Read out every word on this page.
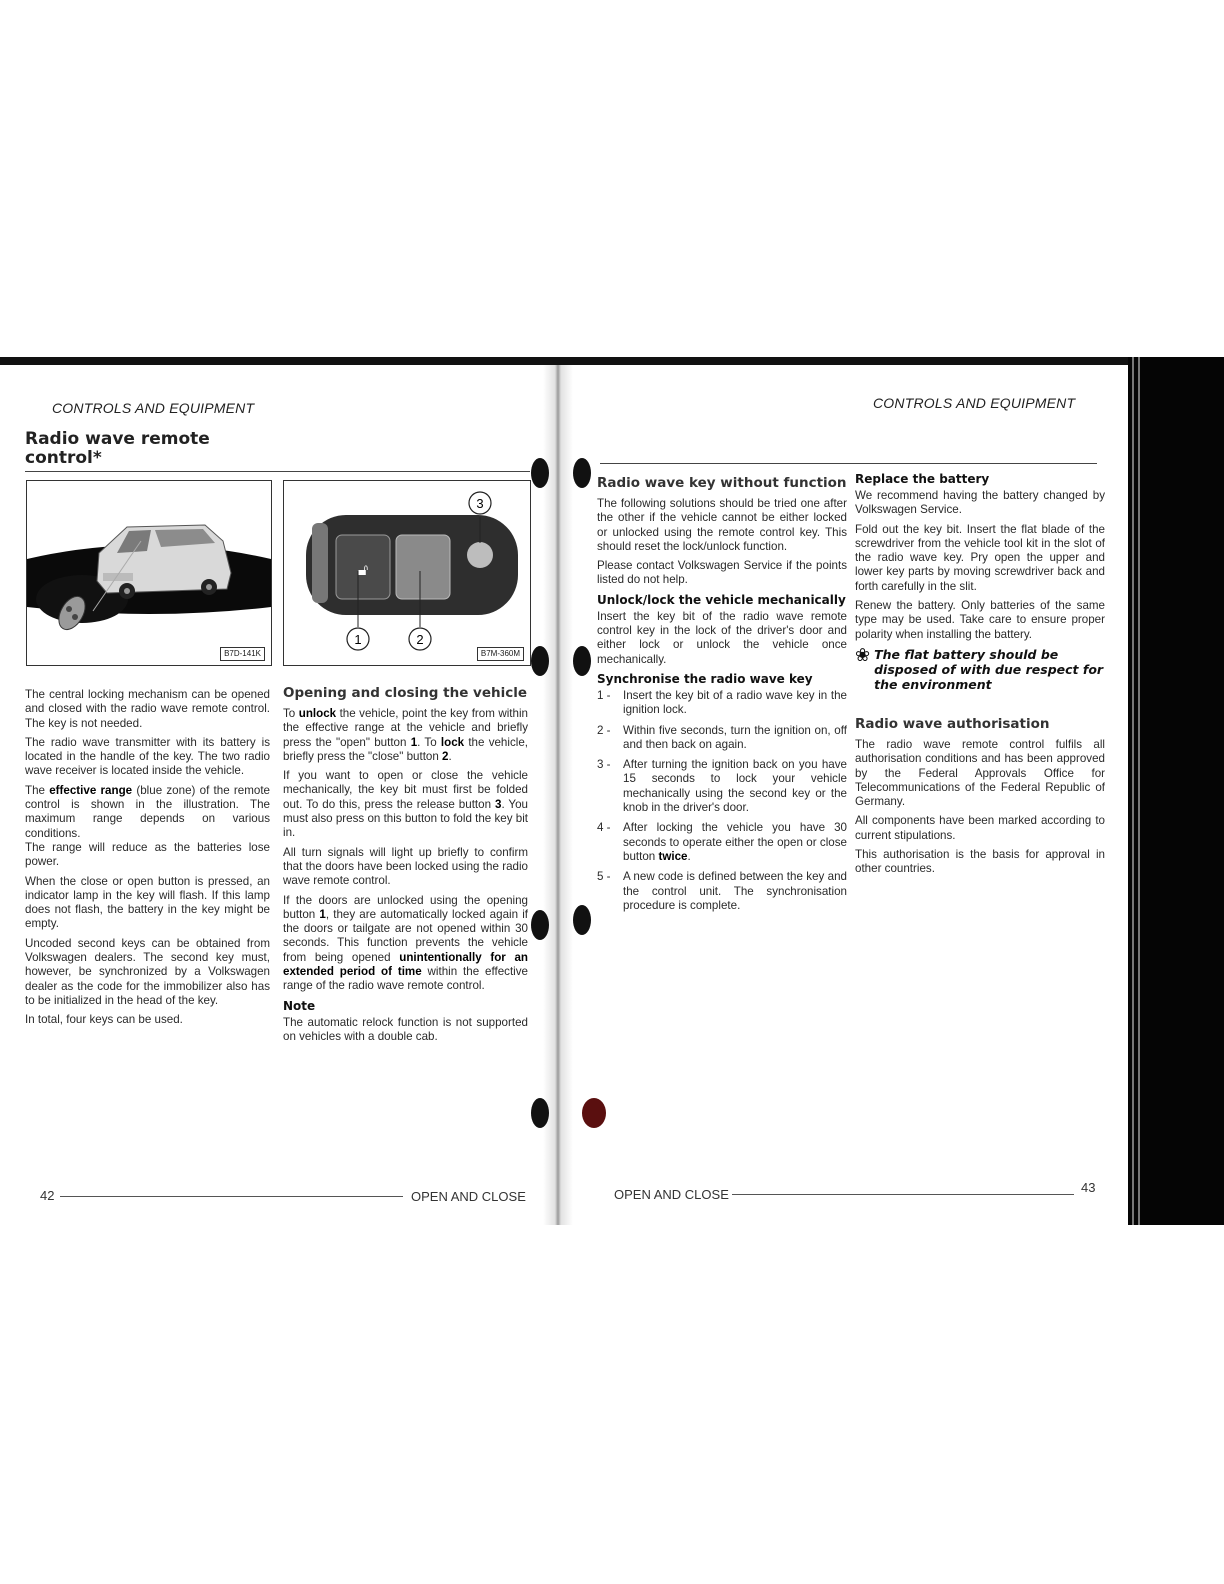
CONTROLS AND EQUIPMENT
Radio wave remote control*
B7D-141K
🔓︎
1	2
3
B7M-360M

The central locking mechanism can be opened and closed with the radio wave remote control. The key is not needed.

The radio wave transmitter with its battery is located in the handle of the key. The two radio wave receiver is located inside the vehicle.

The effective range (blue zone) of the remote control is shown in the illustration. The maximum range depends on various conditions.

The range will reduce as the batteries lose power.

When the close or open button is pressed, an indicator lamp in the key will flash. If this lamp does not flash, the battery in the key might be empty.

Uncoded second keys can be obtained from Volkswagen dealers. The second key must, however, be synchronized by a Volkswagen dealer as the code for the immobilizer also has to be initialized in the head of the key.

In total, four keys can be used.

Opening and closing the vehicle

To unlock the vehicle, point the key from within the effective range at the vehicle and briefly press the "open" button 1. To lock the vehicle, briefly press the "close" button 2.

If you want to open or close the vehicle mechanically, the key bit must first be folded out. To do this, press the release button 3. You must also press on this button to fold the key bit in.

All turn signals will light up briefly to confirm that the doors have been locked using the radio wave remote control.

If the doors are unlocked using the opening button 1, they are automatically locked again if the doors or tailgate are not opened within 30 seconds. This function prevents the vehicle from being opened unintentionally for an extended period of time within the effective range of the radio wave remote control.

Note

The automatic relock function is not supported on vehicles with a double cab.

42	OPEN AND CLOSE
CONTROLS AND EQUIPMENT
Radio wave key without function

The following solutions should be tried one after the other if the vehicle cannot be either locked or unlocked using the remote control key. This should reset the lock/unlock function.

Please contact Volkswagen Service if the points listed do not help.

Unlock/lock the vehicle mechanically

Insert the key bit of the radio wave remote control key in the lock of the driver's door and either lock or unlock the vehicle once mechanically.

Synchronise the radio wave key
1 - Insert the key bit of a radio wave key in the ignition lock.
2 - Within five seconds, turn the ignition on, off and then back on again.
3 - After turning the ignition back on you have 15 seconds to lock your vehicle mechanically using the second key or the knob in the driver's door.
4 - After locking the vehicle you have 30 seconds to operate either the open or close button twice.
5 - A new code is defined between the key and the control unit. The synchronisation procedure is complete.
Replace the battery

We recommend having the battery changed by Volkswagen Service.

Fold out the key bit. Insert the flat blade of the screwdriver from the vehicle tool kit in the slot of the radio wave key. Pry open the upper and lower key parts by moving screwdriver back and forth carefully in the slit.

Renew the battery. Only batteries of the same type may be used. Take care to ensure proper polarity when installing the battery.

❀ The flat battery should be disposed of with due respect for the environment
Radio wave authorisation

The radio wave remote control fulfils all authorisation conditions and has been approved by the Federal Approvals Office for Telecommunications of the Federal Republic of Germany.

All components have been marked according to current stipulations.

This authorisation is the basis for approval in other countries.

OPEN AND CLOSE	43
